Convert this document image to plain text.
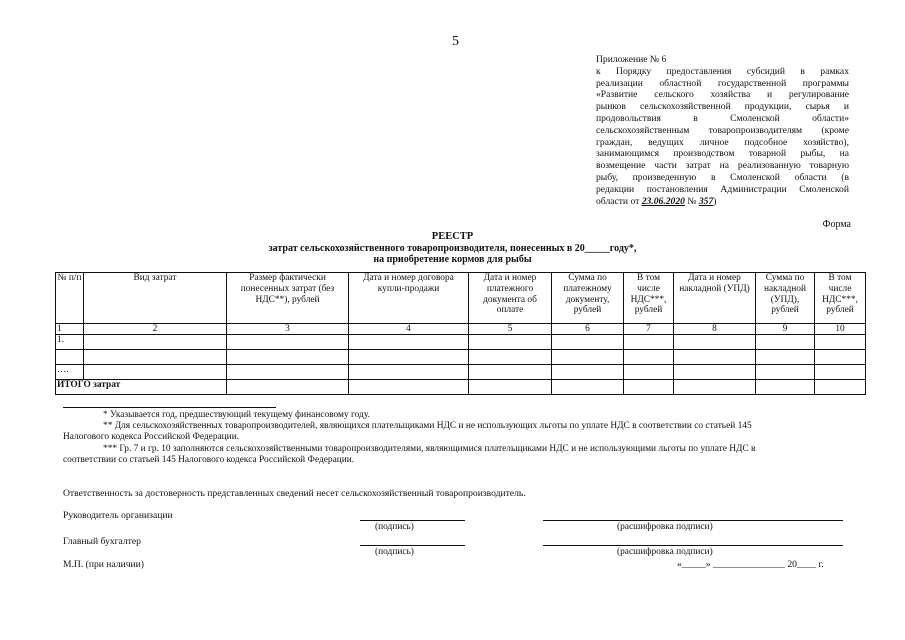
5
Приложение № 6
к Порядку предоставления субсидий в рамках
реализации областной государственной программы
«Развитие сельского хозяйства и регулирование
рынков сельскохозяйственной продукции, сырья и
продовольствия в Смоленской области»
сельскохозяйственным товаропроизводителям (кроме
граждан, ведущих личное подсобное хозяйство),
занимающимся производством товарной рыбы, на
возмещение части затрат на реализованную товарную
рыбу, произведенную в Смоленской области (в
редакции постановления Администрации Смоленской
области от 23.06.2020 № 357)
Форма
РЕЕСТР
затрат сельскохозяйственного товаропроизводителя, понесенных в 20_____году*,
на приобретение кормов для рыбы
№ п/п	Вид затрат	Размер фактически понесенных затрат (без НДС**), рублей	Дата и номер договора купли-продажи	Дата и номер платежного документа об оплате	Сумма по платежному документу, рублей	В том числе НДС***, рублей	Дата и номер накладной (УПД)	Сумма по накладной (УПД), рублей	В том числе НДС***, рублей
1	2	3	4	5	6	7	8	9	10
1.									

….									
ИТОГО затрат									

* Указывается год, предшествующий текущему финансовому году.

** Для сельскохозяйственных товаропроизводителей, являющихся плательщиками НДС и не использующих льготы по уплате НДС в соответствии со статьей 145

Налогового кодекса Российской Федерации.

*** Гр. 7 и гр. 10 заполняются сельскохозяйственными товаропроизводителями, являющимися плательщиками НДС и не использующими льготы по уплате НДС в

соответствии со статьей 145 Налогового кодекса Российской Федерации.

Ответственность за достоверность представленных сведений несет сельскохозяйственный товаропроизводитель.
Руководитель организации
(подпись)	(расшифровка подписи)
Главный бухгалтер
(подпись)	(расшифровка подписи)
М.П. (при наличии)	«_____» _______________ 20____ г.
